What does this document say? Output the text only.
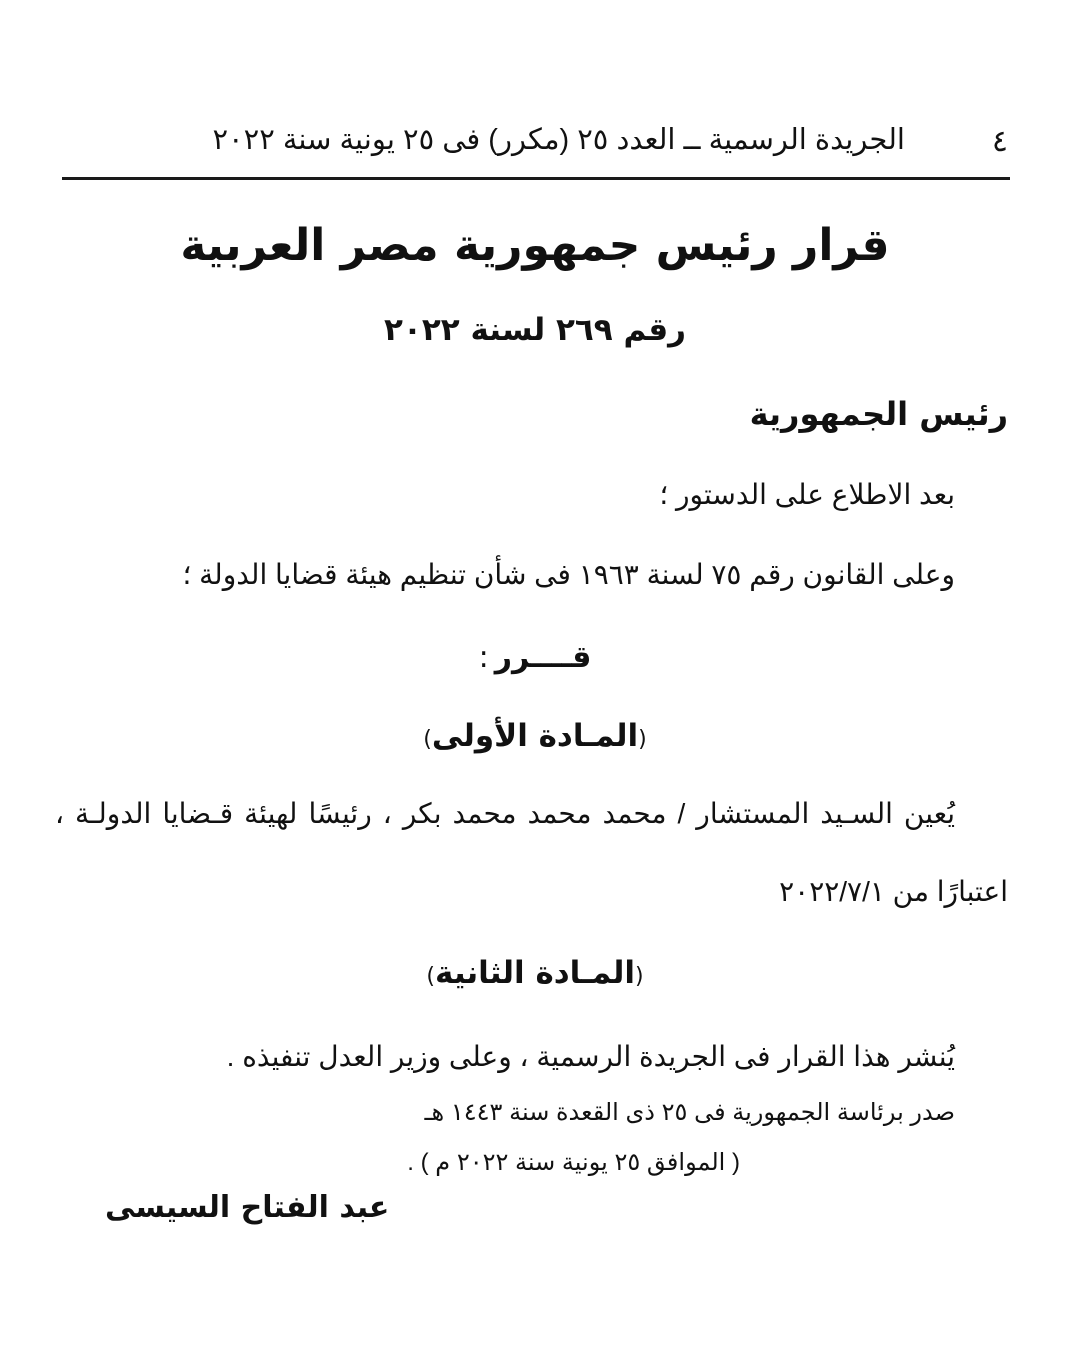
٤
الجريدة الرسمية ــ العدد ٢٥ (مكرر) فى ٢٥ يونية سنة ٢٠٢٢
قرار رئيس جمهورية مصر العربية
رقم ٢٦٩ لسنة ٢٠٢٢
رئيس الجمهورية
بعد الاطلاع على الدستور ؛
وعلى القانون رقم ٧٥ لسنة ١٩٦٣ فى شأن تنظيم هيئة قضايا الدولة ؛
قــــرر:
(المـادة الأولى)
يُعين السـيد المستشار / محمد محمد محمد بكر ، رئيسًا لهيئة قـضايا الدولـة ،
اعتبارًا من ٢٠٢٢/٧/١
(المـادة الثانية)
يُنشر هذا القرار فى الجريدة الرسمية ، وعلى وزير العدل تنفيذه .
صدر برئاسة الجمهورية فى ٢٥ ذى القعدة سنة ١٤٤٣ هـ
( الموافق ٢٥ يونية سنة ٢٠٢٢ م ) .
عبد الفتاح السيسى
